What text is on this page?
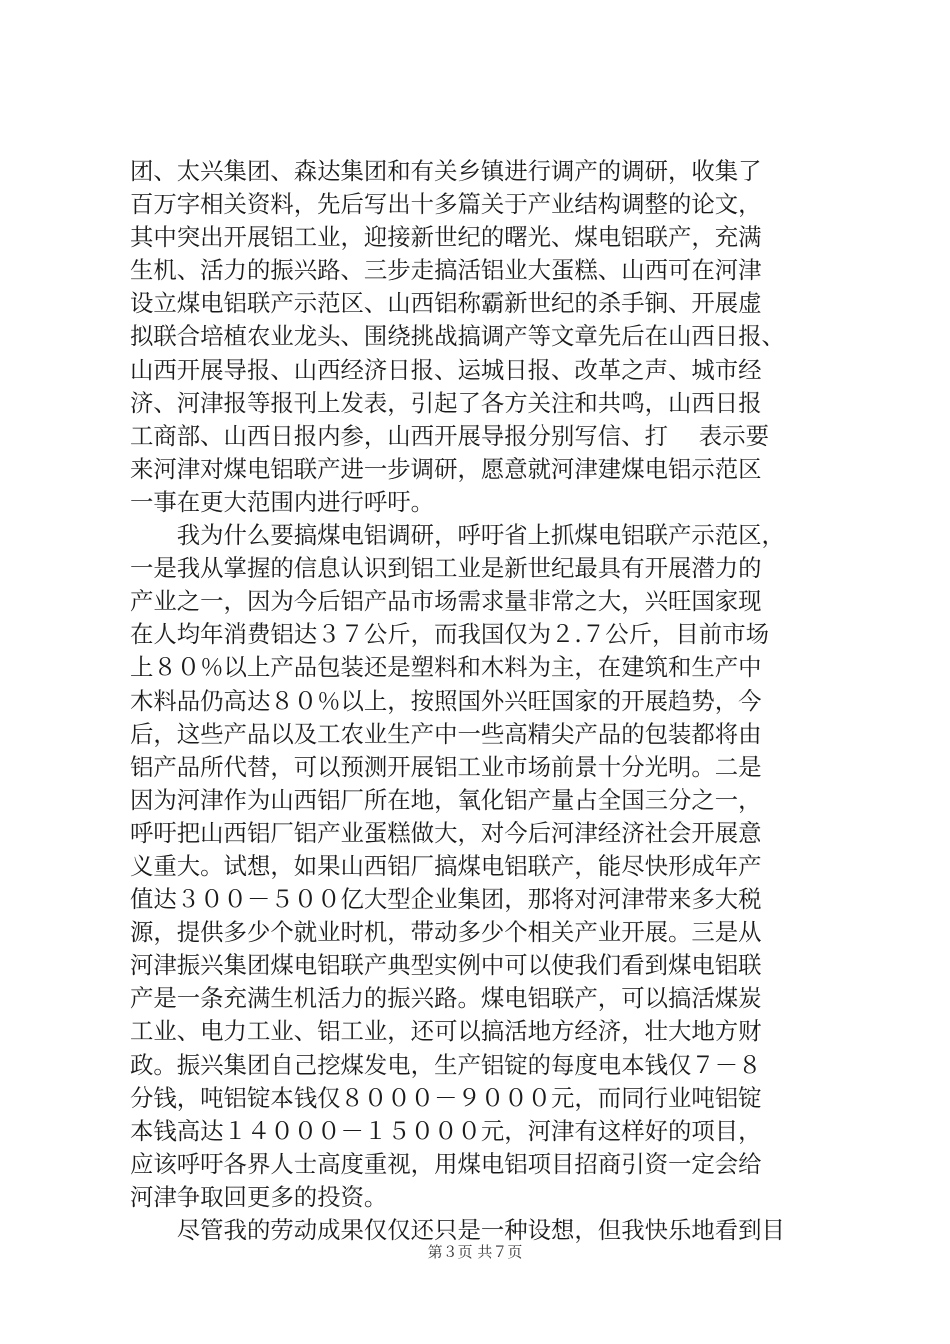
团、太兴集团、森达集团和有关乡镇进行调产的调研，收集了
百万字相关资料，先后写出十多篇关于产业结构调整的论文，
其中突出开展铝工业，迎接新世纪的曙光、煤电铝联产，充满
生机、活力的振兴路、三步走搞活铝业大蛋糕、山西可在河津
设立煤电铝联产示范区、山西铝称霸新世纪的杀手锏、开展虚
拟联合培植农业龙头、围绕挑战搞调产等文章先后在山西日报、
山西开展导报、山西经济日报、运城日报、改革之声、城市经
济、河津报等报刊上发表，引起了各方关注和共鸣，山西日报
工商部、山西日报内参，山西开展导报分别写信、打　 表示要
来河津对煤电铝联产进一步调研，愿意就河津建煤电铝示范区
一事在更大范围内进行呼吁。
　　我为什么要搞煤电铝调研，呼吁省上抓煤电铝联产示范区，
一是我从掌握的信息认识到铝工业是新世纪最具有开展潜力的
产业之一，因为今后铝产品市场需求量非常之大，兴旺国家现
在人均年消费铝达３７公斤，而我国仅为２.７公斤，目前市场
上８０％以上产品包装还是塑料和木料为主，在建筑和生产中
木料品仍高达８０％以上，按照国外兴旺国家的开展趋势，今
后，这些产品以及工农业生产中一些高精尖产品的包装都将由
铝产品所代替，可以预测开展铝工业市场前景十分光明。二是
因为河津作为山西铝厂所在地，氧化铝产量占全国三分之一，
呼吁把山西铝厂铝产业蛋糕做大，对今后河津经济社会开展意
义重大。试想，如果山西铝厂搞煤电铝联产，能尽快形成年产
值达３００－５００亿大型企业集团，那将对河津带来多大税
源，提供多少个就业时机，带动多少个相关产业开展。三是从
河津振兴集团煤电铝联产典型实例中可以使我们看到煤电铝联
产是一条充满生机活力的振兴路。煤电铝联产，可以搞活煤炭
工业、电力工业、铝工业，还可以搞活地方经济，壮大地方财
政。振兴集团自己挖煤发电，生产铝锭的每度电本钱仅７－８
分钱，吨铝锭本钱仅８０００－９０００元，而同行业吨铝锭
本钱高达１４０００－１５０００元，河津有这样好的项目，
应该呼吁各界人士高度重视，用煤电铝项目招商引资一定会给
河津争取回更多的投资。
　　尽管我的劳动成果仅仅还只是一种设想，但我快乐地看到目
第３页 共７页
